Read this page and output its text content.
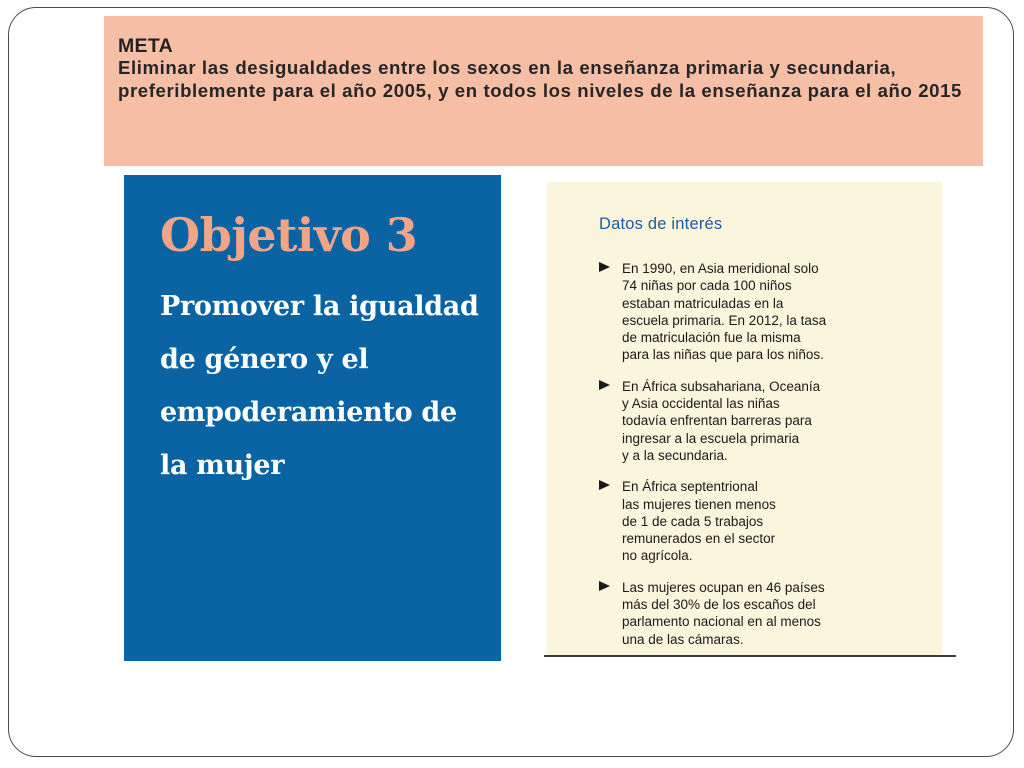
META
Eliminar las desigualdades entre los sexos en la enseñanza primaria y secundaria, preferiblemente para el año 2005, y en todos los niveles de la enseñanza para el año 2015
Objetivo 3
Promover la igualdad de género y el empoderamiento de la mujer
Datos de interés
En 1990, en Asia meridional solo
74 niñas por cada 100 niños
estaban matriculadas en la
escuela primaria. En 2012, la tasa
de matriculación fue la misma
para las niñas que para los niños.
En África subsahariana, Oceanía
y Asia occidental las niñas
todavía enfrentan barreras para
ingresar a la escuela primaria
y a la secundaria.
En África septentrional
las mujeres tienen menos
de 1 de cada 5 trabajos
remunerados en el sector
no agrícola.
Las mujeres ocupan en 46 países
más del 30% de los escaños del
parlamento nacional en al menos
una de las cámaras.
